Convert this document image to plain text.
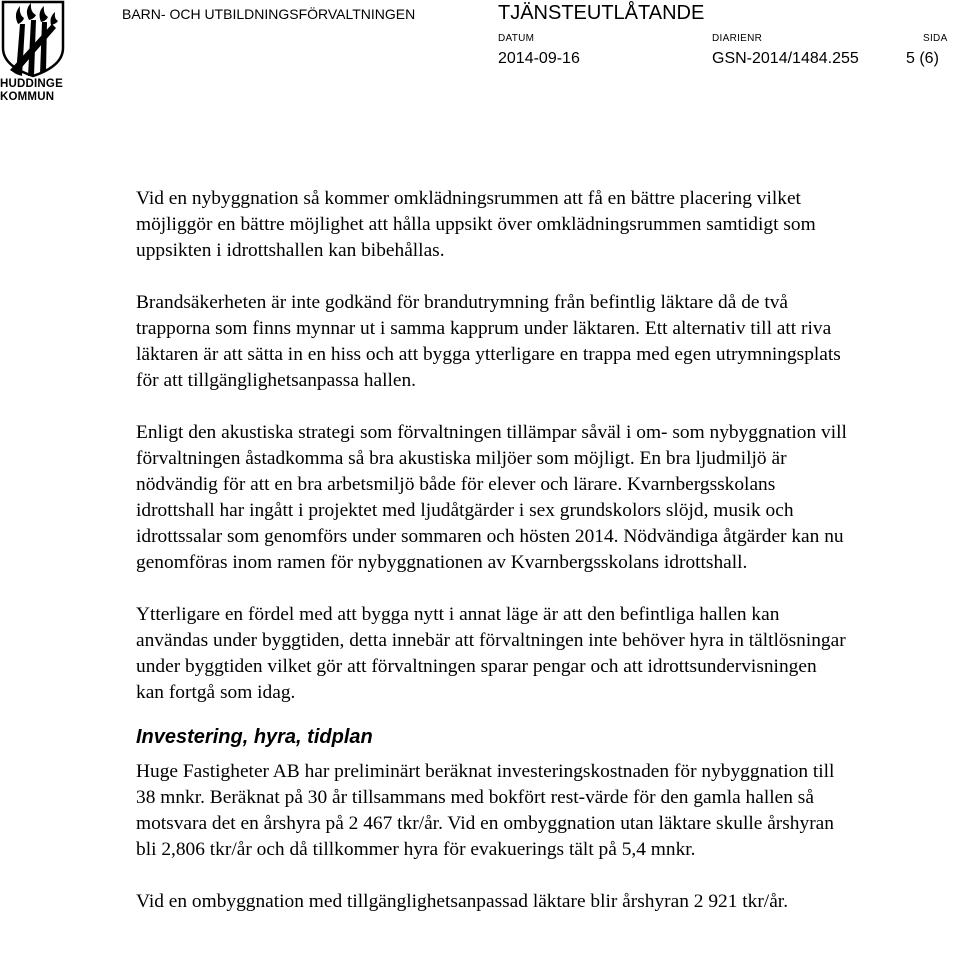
HUDDINGE
KOMMUN
BARN- OCH UTBILDNINGSFÖRVALTNINGEN	TJÄNSTEUTLÅTANDE
DATUM	DIARIENR	SIDA
2014-09-16	GSN-2014/1484.255	5 (6)

Vid en nybyggnation så kommer omklädningsrummen att få en bättre placering vilket möjliggör en bättre möjlighet att hålla uppsikt över omklädningsrummen samtidigt som uppsikten i idrottshallen kan bibehållas.

Brandsäkerheten är inte godkänd för brandutrymning från befintlig läktare då de två trapporna som finns mynnar ut i samma kapprum under läktaren. Ett alternativ till att riva läktaren är att sätta in en hiss och att bygga ytterligare en trappa med egen utrymningsplats för att tillgänglighetsanpassa hallen.

Enligt den akustiska strategi som förvaltningen tillämpar såväl i om- som nybyggnation vill förvaltningen åstadkomma så bra akustiska miljöer som möjligt. En bra ljudmiljö är nödvändig för att en bra arbetsmiljö både för elever och lärare. Kvarnbergsskolans idrottshall har ingått i projektet med ljudåtgärder i sex grundskolors slöjd, musik och idrottssalar som genomförs under sommaren och hösten 2014. Nödvändiga åtgärder kan nu genomföras inom ramen för nybyggnationen av Kvarnbergsskolans idrottshall.

Ytterligare en fördel med att bygga nytt i annat läge är att den befintliga hallen kan användas under byggtiden, detta innebär att förvaltningen inte behöver hyra in tältlösningar under byggtiden vilket gör att förvaltningen sparar pengar och att idrottsundervisningen kan fortgå som idag.

Investering, hyra, tidplan

Huge Fastigheter AB har preliminärt beräknat investeringskostnaden för nybyggnation till 38 mnkr. Beräknat på 30 år tillsammans med bokfört rest-värde för den gamla hallen så motsvara det en årshyra på 2 467 tkr/år. Vid en ombyggnation utan läktare skulle årshyran bli 2,806 tkr/år och då tillkommer hyra för evakuerings tält på 5,4 mnkr.

Vid en ombyggnation med tillgänglighetsanpassad läktare blir årshyran 2 921 tkr/år.
